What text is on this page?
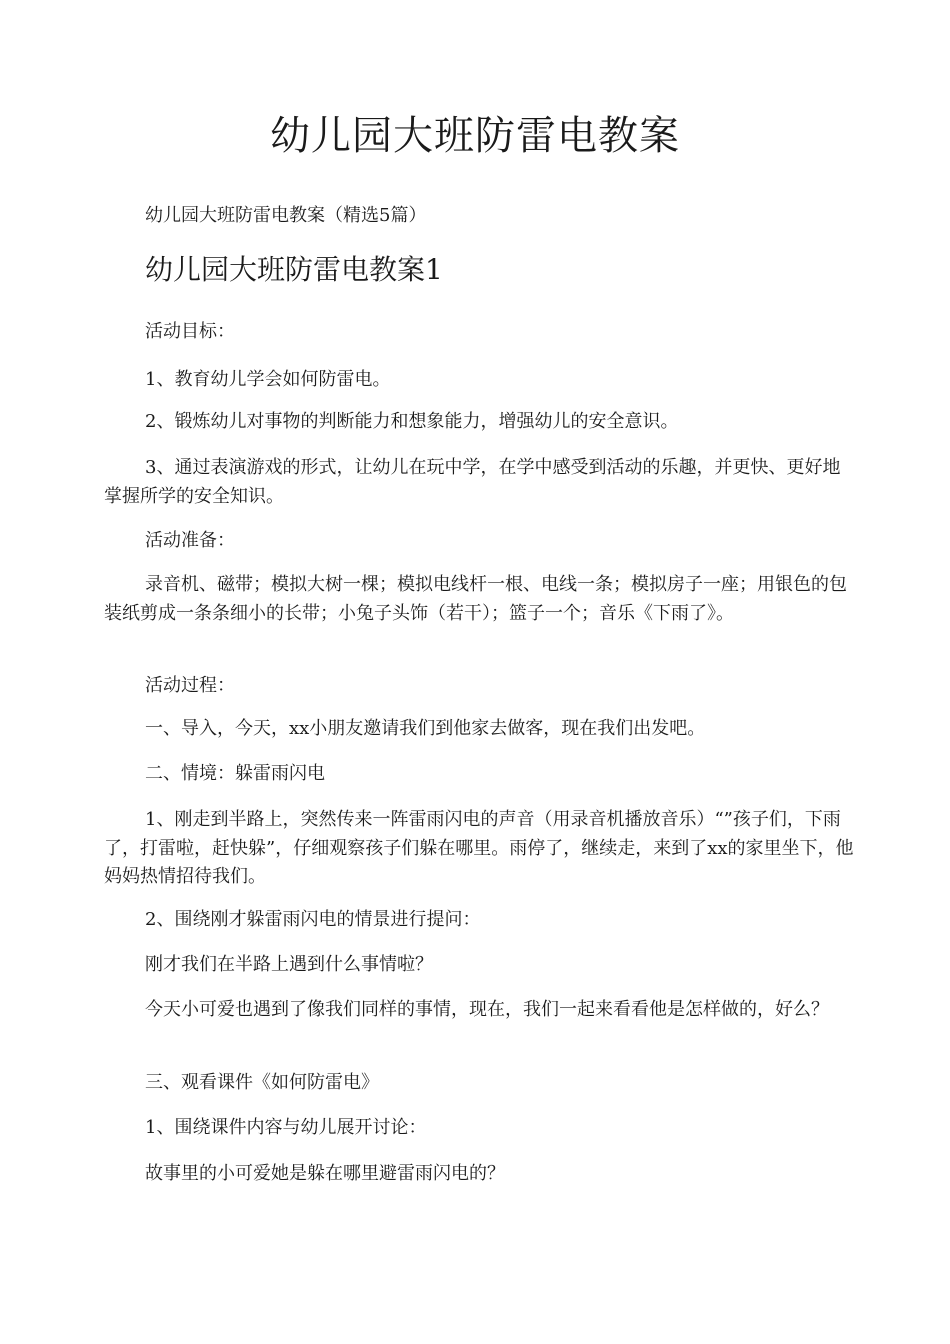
幼儿园大班防雷电教案
幼儿园大班防雷电教案（精选5篇）
幼儿园大班防雷电教案1

活动目标：

1、教育幼儿学会如何防雷电。

2、锻炼幼儿对事物的判断能力和想象能力，增强幼儿的安全意识。

3、通过表演游戏的形式，让幼儿在玩中学，在学中感受到活动的乐趣，并更快、更好地掌握所学的安全知识。

活动准备：

录音机、磁带；模拟大树一棵；模拟电线杆一根、电线一条；模拟房子一座；用银色的包装纸剪成一条条细小的长带；小兔子头饰（若干）；篮子一个；音乐《下雨了》。

活动过程：

一、导入，今天，xx小朋友邀请我们到他家去做客，现在我们出发吧。

二、情境：躲雷雨闪电

1、刚走到半路上，突然传来一阵雷雨闪电的声音（用录音机播放音乐）“”孩子们，下雨了，打雷啦，赶快躲”，仔细观察孩子们躲在哪里。雨停了，继续走，来到了xx的家里坐下，他妈妈热情招待我们。

2、围绕刚才躲雷雨闪电的情景进行提问：

刚才我们在半路上遇到什么事情啦？

今天小可爱也遇到了像我们同样的事情，现在，我们一起来看看他是怎样做的，好么？

三、观看课件《如何防雷电》

1、围绕课件内容与幼儿展开讨论：

故事里的小可爱她是躲在哪里避雷雨闪电的？
